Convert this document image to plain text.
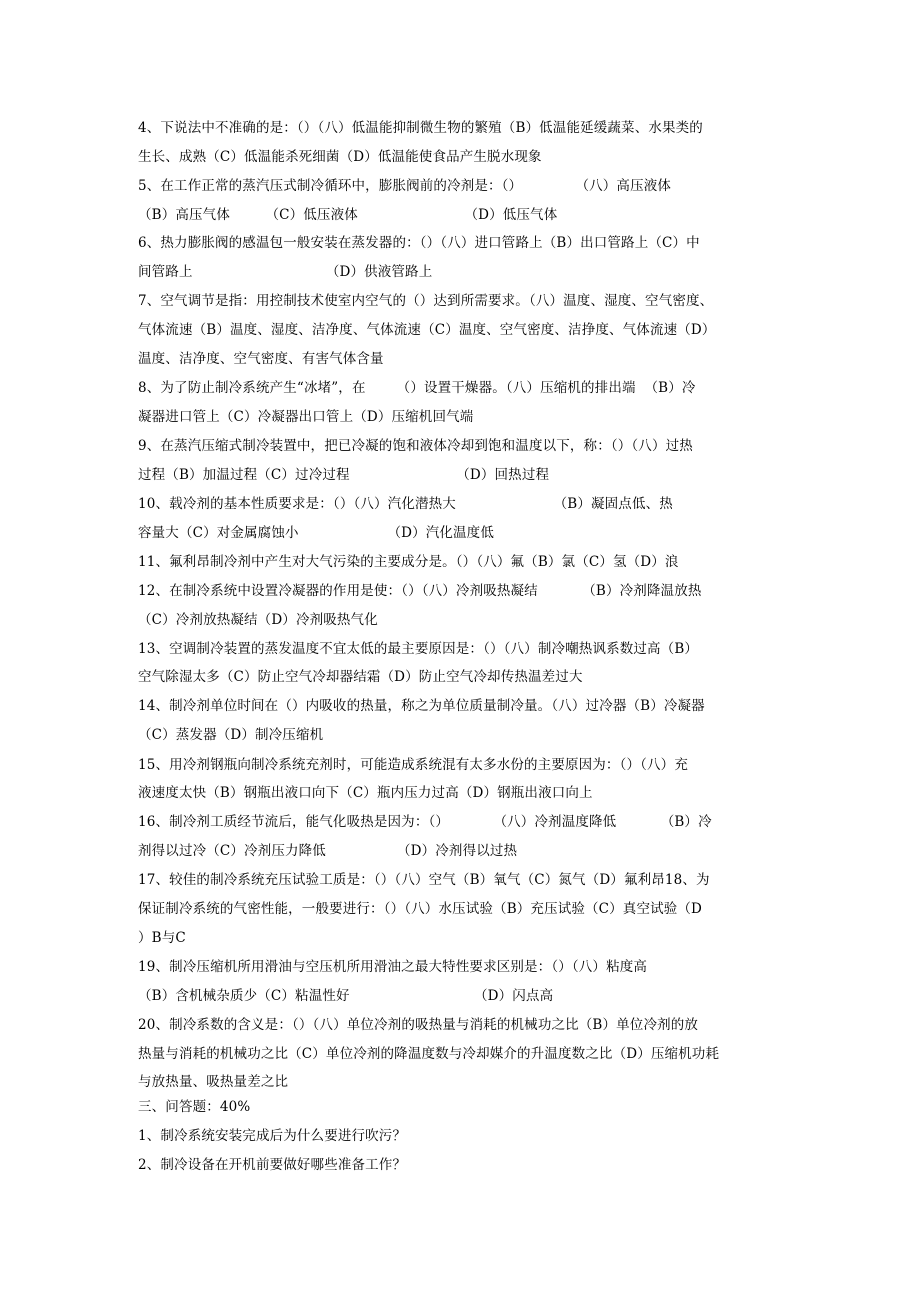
4、下说法中不准确的是：（）（八）低温能抑制微生物的繁殖（B）低温能延缓蔬菜、水果类的
生长、成熟（C）低温能杀死细菌（D）低温能使食品产生脱水现象
5、在工作正常的蒸汽压式制冷循环中，膨胀阀前的冷剂是：（）            （八）高压液体
（B）高压气体        （C）低压液体                        （D）低压气体
6、热力膨胀阀的感温包一般安装在蒸发器的：（）（八）进口管路上（B）出口管路上（C）中
间管路上                              （D）供液管路上
7、空气调节是指：用控制技术使室内空气的（）达到所需要求。（八）温度、湿度、空气密度、
气体流速（B）温度、湿度、洁净度、气体流速（C）温度、空气密度、洁挣度、气体流速（D）
温度、洁净度、空气密度、有害气体含量
8、为了防止制冷系统产生“冰堵”，在       （）设置干燥器。（八）压缩机的排出端  （B）冷
凝器进口管上（C）冷凝器出口管上（D）压缩机回气端
9、在蒸汽压缩式制冷装置中，把已冷凝的饱和液体冷却到饱和温度以下，称：（）（八）过热
过程（B）加温过程（C）过冷过程                        （D）回热过程
10、载冷剂的基本性质要求是：（）（八）汽化潜热大                      （B）凝固点低、热
容量大（C）对金属腐蚀小                    （D）汽化温度低
11、氟利昂制冷剂中产生对大气污染的主要成分是。（）（八）氟（B）氯（C）氢（D）浪
12、在制冷系统中设置冷凝器的作用是使：（）（八）冷剂吸热凝结          （B）冷剂降温放热
（C）冷剂放热凝结（D）冷剂吸热气化
13、空调制冷装置的蒸发温度不宜太低的最主要原因是：（）（八）制冷嘲热讽系数过高（B）
空气除湿太多（C）防止空气冷却器结霜（D）防止空气冷却传热温差过大
14、制冷剂单位时间在（）内吸收的热量，称之为单位质量制冷量。（八）过冷器（B）冷凝器
（C）蒸发器（D）制冷压缩机
15、用冷剂钢瓶向制冷系统充剂时，可能造成系统混有太多水份的主要原因为：（）（八）充
液速度太快（B）钢瓶出液口向下（C）瓶内压力过高（D）钢瓶出液口向上
16、制冷剂工质经节流后，能气化吸热是因为：（）          （八）冷剂温度降低          （B）冷
剂得以过冷（C）冷剂压力降低                （D）冷剂得以过热
17、较佳的制冷系统充压试验工质是：（）（八）空气（B）氧气（C）氮气（D）氟利昂18、为
保证制冷系统的气密性能，一般要进行：（）（八）水压试验（B）充压试验（C）真空试验（D
）B与C
19、制冷压缩机所用滑油与空压机所用滑油之最大特性要求区别是：（）（八）粘度高
（B）含机械杂质少（C）粘温性好                            （D）闪点高
20、制冷系数的含义是：（）（八）单位冷剂的吸热量与消耗的机械功之比（B）单位冷剂的放
热量与消耗的机械功之比（C）单位冷剂的降温度数与冷却媒介的升温度数之比（D）压缩机功耗
与放热量、吸热量差之比
三、问答题：40%
1、制冷系统安装完成后为什么要进行吹污？
2、制冷设备在开机前要做好哪些准备工作？
